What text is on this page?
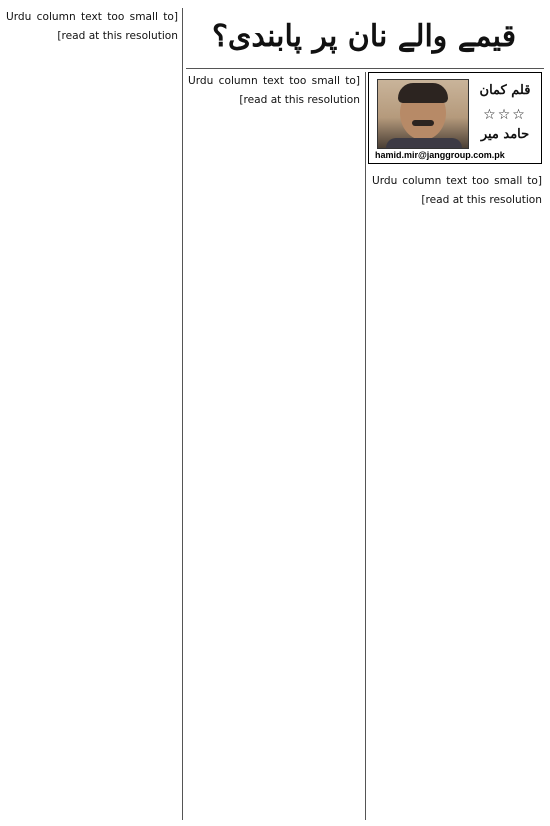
قیمے والے نان پر پابندی؟
قلم کمان
☆☆☆
حامد میر
hamid.mir@janggroup.com.pk

[Urdu column text too small to read at this resolution]

[Urdu column text too small to read at this resolution]

[Urdu column text too small to read at this resolution]
